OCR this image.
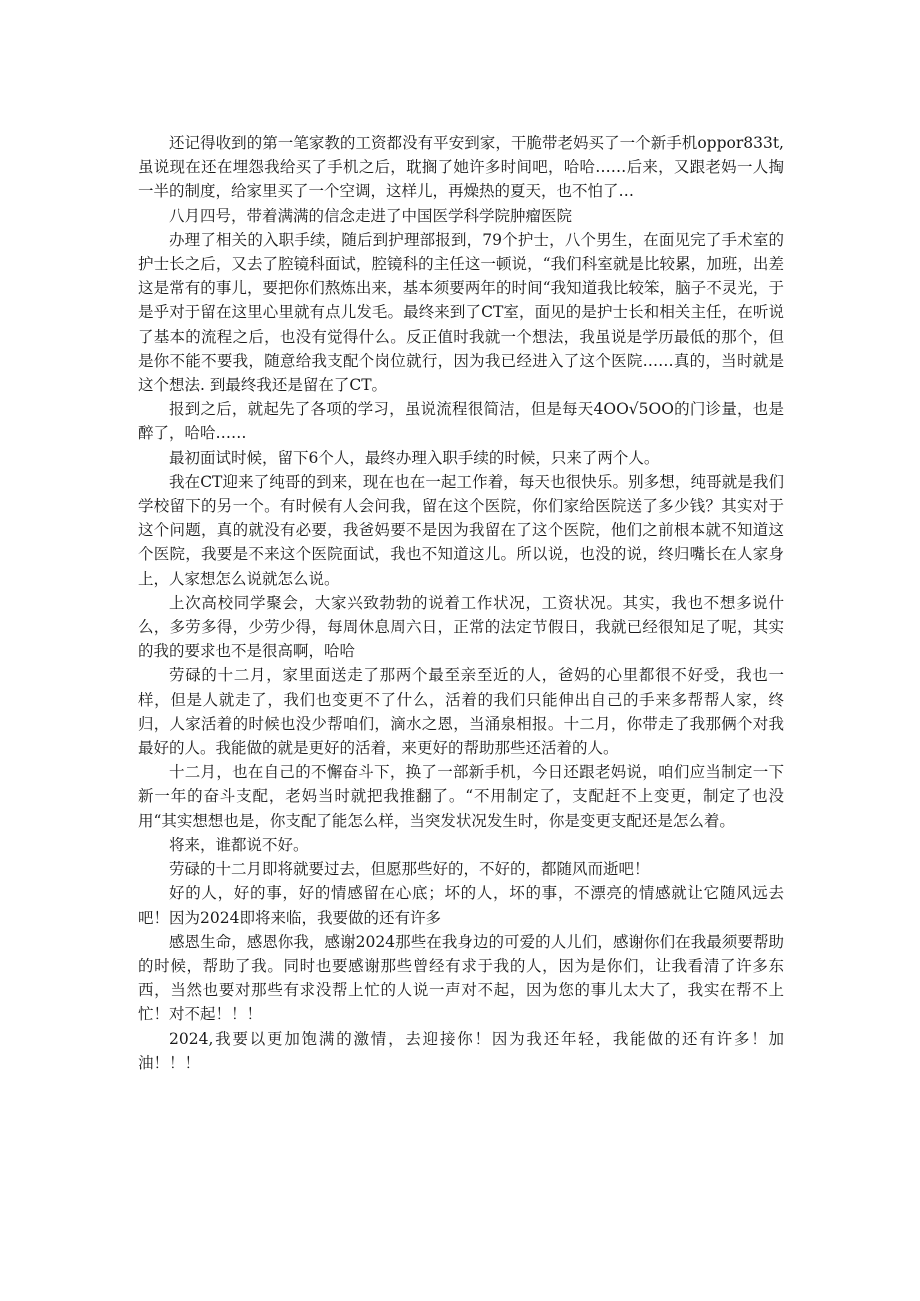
还记得收到的第一笔家教的工资都没有平安到家，干脆带老妈买了一个新手机oppor833t,虽说现在还在埋怨我给买了手机之后，耽搁了她许多时间吧，哈哈……后来，又跟老妈一人掏一半的制度，给家里买了一个空调，这样儿，再燥热的夏天，也不怕了…

八月四号，带着满满的信念走进了中国医学科学院肿瘤医院

办理了相关的入职手续，随后到护理部报到，79个护士，八个男生，在面见完了手术室的护士长之后，又去了腔镜科面试，腔镜科的主任这一顿说，“我们科室就是比较累，加班，出差这是常有的事儿，要把你们熬炼出来，基本须要两年的时间“我知道我比较笨，脑子不灵光，于是乎对于留在这里心里就有点儿发毛。最终来到了CT室，面见的是护士长和相关主任，在听说了基本的流程之后，也没有觉得什么。反正值时我就一个想法，我虽说是学历最低的那个，但是你不能不要我，随意给我支配个岗位就行，因为我已经进入了这个医院……真的，当时就是这个想法. 到最终我还是留在了CT。

报到之后，就起先了各项的学习，虽说流程很简洁，但是每天4OO√5OO的门诊量，也是醉了，哈哈……

最初面试时候，留下6个人，最终办理入职手续的时候，只来了两个人。

我在CT迎来了纯哥的到来，现在也在一起工作着，每天也很快乐。别多想，纯哥就是我们学校留下的另一个。有时候有人会问我，留在这个医院，你们家给医院送了多少钱？其实对于这个问题，真的就没有必要，我爸妈要不是因为我留在了这个医院，他们之前根本就不知道这个医院，我要是不来这个医院面试，我也不知道这儿。所以说，也没的说，终归嘴长在人家身上，人家想怎么说就怎么说。

上次高校同学聚会，大家兴致勃勃的说着工作状况，工资状况。其实，我也不想多说什么，多劳多得，少劳少得，每周休息周六日，正常的法定节假日，我就已经很知足了呢，其实的我的要求也不是很高啊，哈哈

劳碌的十二月，家里面送走了那两个最至亲至近的人，爸妈的心里都很不好受，我也一样，但是人就走了，我们也变更不了什么，活着的我们只能伸出自己的手来多帮帮人家，终归，人家活着的时候也没少帮咱们，滴水之恩，当涌泉相报。十二月，你带走了我那俩个对我最好的人。我能做的就是更好的活着，来更好的帮助那些还活着的人。

十二月，也在自己的不懈奋斗下，换了一部新手机，今日还跟老妈说，咱们应当制定一下新一年的奋斗支配，老妈当时就把我推翻了。“不用制定了，支配赶不上变更，制定了也没用“其实想想也是，你支配了能怎么样，当突发状况发生时，你是变更支配还是怎么着。

将来，谁都说不好。

劳碌的十二月即将就要过去，但愿那些好的，不好的，都随风而逝吧！

好的人，好的事，好的情感留在心底；坏的人，坏的事，不漂亮的情感就让它随风远去吧！因为2024即将来临，我要做的还有许多

感恩生命，感恩你我，感谢2024那些在我身边的可爱的人儿们，感谢你们在我最须要帮助的时候，帮助了我。同时也要感谢那些曾经有求于我的人，因为是你们，让我看清了许多东西，当然也要对那些有求没帮上忙的人说一声对不起，因为您的事儿太大了，我实在帮不上忙！对不起！！！

2024,我要以更加饱满的激情，去迎接你！因为我还年轻，我能做的还有许多！加油！！！
